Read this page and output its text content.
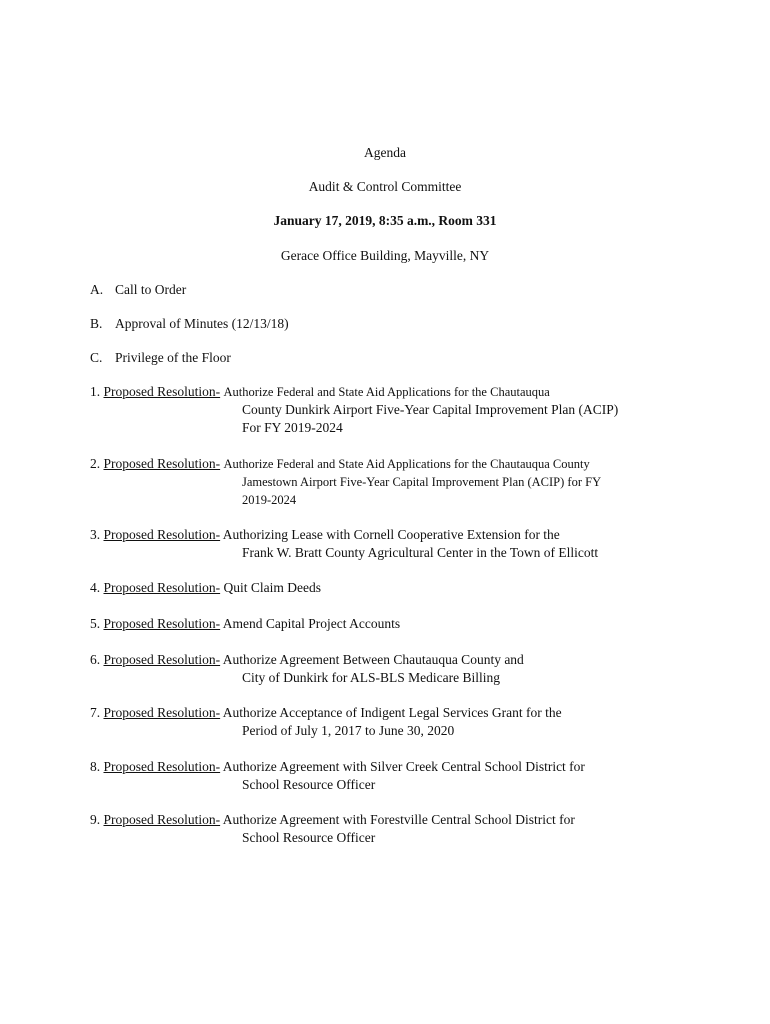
Agenda
Audit & Control Committee
January 17, 2019, 8:35 a.m., Room 331
Gerace Office Building, Mayville, NY
A. Call to Order
B. Approval of Minutes (12/13/18)
C. Privilege of the Floor
1. Proposed Resolution- Authorize Federal and State Aid Applications for the Chautauqua
County Dunkirk Airport Five-Year Capital Improvement Plan (ACIP)
For FY 2019-2024
2. Proposed Resolution- Authorize Federal and State Aid Applications for the Chautauqua County
Jamestown Airport Five-Year Capital Improvement Plan (ACIP) for FY
2019-2024
3. Proposed Resolution- Authorizing Lease with Cornell Cooperative Extension for the
Frank W. Bratt County Agricultural Center in the Town of Ellicott
4. Proposed Resolution- Quit Claim Deeds
5. Proposed Resolution- Amend Capital Project Accounts
6. Proposed Resolution- Authorize Agreement Between Chautauqua County and
City of Dunkirk for ALS-BLS Medicare Billing
7. Proposed Resolution- Authorize Acceptance of Indigent Legal Services Grant for the
Period of July 1, 2017 to June 30, 2020
8. Proposed Resolution- Authorize Agreement with Silver Creek Central School District for
School Resource Officer
9. Proposed Resolution- Authorize Agreement with Forestville Central School District for
School Resource Officer
